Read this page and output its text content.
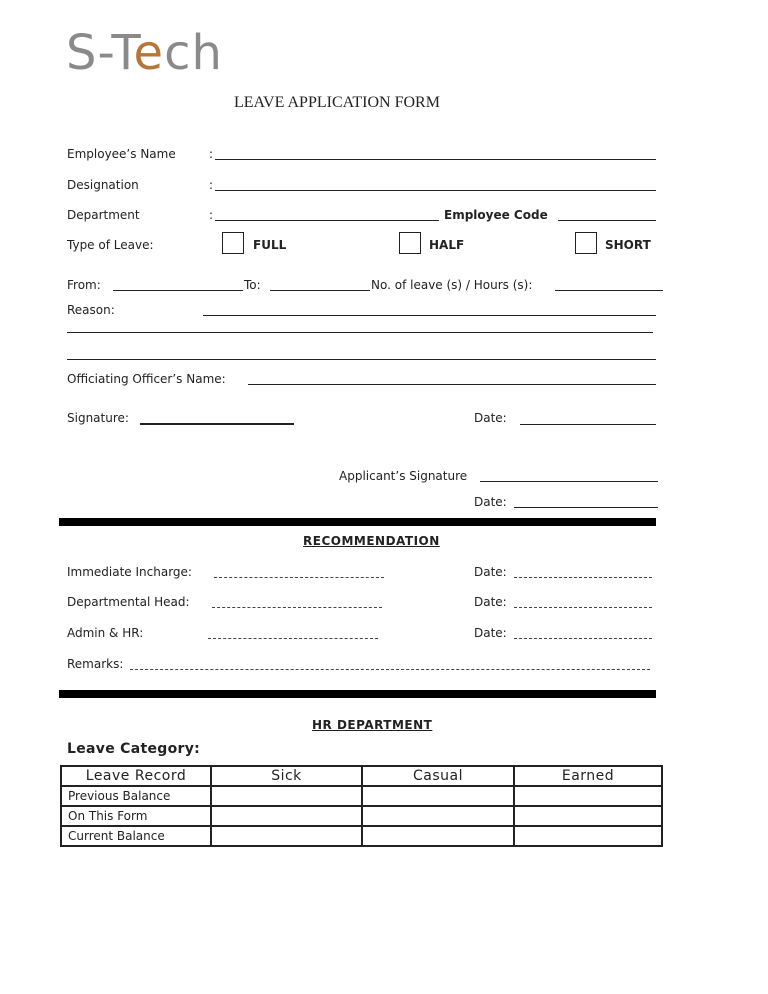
S-Tech
LEAVE APPLICATION FORM
Employee’s Name	:
Designation	:
Department	:	Employee Code
Type of Leave:	FULL	HALF	SHORT
From:	To:	No. of leave (s) / Hours (s):
Reason:
Officiating Officer’s Name:
Signature:	Date:
Applicant’s Signature
Date:
RECOMMENDATION
Immediate Incharge:	Date:
Departmental Head:	Date:
Admin & HR:	Date:
Remarks:
HR DEPARTMENT
Leave Category:
Leave Record	Sick	Casual	Earned
Previous Balance			
On This Form			
Current Balance			
